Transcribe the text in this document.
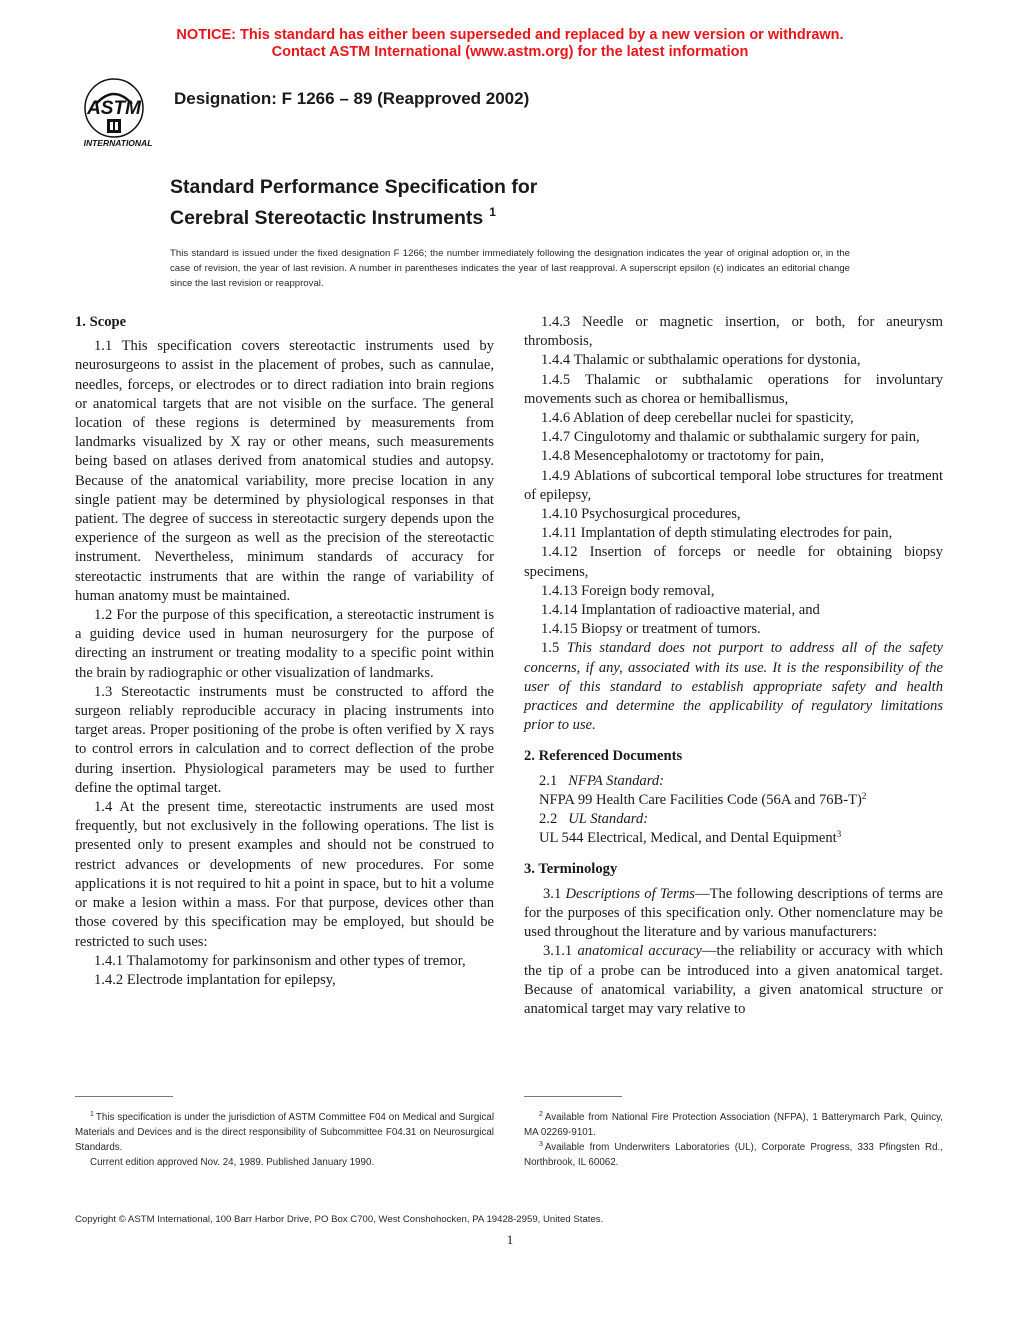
NOTICE: This standard has either been superseded and replaced by a new version or withdrawn.
Contact ASTM International (www.astm.org) for the latest information
ASTM
INTERNATIONAL
Designation: F 1266 – 89 (Reapproved 2002)
Standard Performance Specification for
Cerebral Stereotactic Instruments $^1$
This standard is issued under the fixed designation F 1266; the number immediately following the designation indicates the year of original adoption or, in the case of revision, the year of last revision. A number in parentheses indicates the year of last reapproval. A superscript epsilon (ϵ) indicates an editorial change since the last revision or reapproval.
1. Scope

1.1 This specification covers stereotactic instruments used by neurosurgeons to assist in the placement of probes, such as cannulae, needles, forceps, or electrodes or to direct radiation into brain regions or anatomical targets that are not visible on the surface. The general location of these regions is determined by measurements from landmarks visualized by X ray or other means, such measurements being based on atlases derived from anatomical studies and autopsy. Because of the anatomical variability, more precise location in any single patient may be determined by physiological responses in that patient. The degree of success in stereotactic surgery depends upon the experience of the surgeon as well as the precision of the stereotactic instrument. Nevertheless, minimum standards of accuracy for stereotactic instruments that are within the range of variability of human anatomy must be maintained.

1.2 For the purpose of this specification, a stereotactic instrument is a guiding device used in human neurosurgery for the purpose of directing an instrument or treating modality to a specific point within the brain by radiographic or other visualization of landmarks.

1.3 Stereotactic instruments must be constructed to afford the surgeon reliably reproducible accuracy in placing instruments into target areas. Proper positioning of the probe is often verified by X rays to control errors in calculation and to correct deflection of the probe during insertion. Physiological parameters may be used to further define the optimal target.

1.4 At the present time, stereotactic instruments are used most frequently, but not exclusively in the following operations. The list is presented only to present examples and should not be construed to restrict advances or developments of new procedures. For some applications it is not required to hit a point in space, but to hit a volume or make a lesion within a mass. For that purpose, devices other than those covered by this specification may be employed, but should be restricted to such uses:

1.4.1 Thalamotomy for parkinsonism and other types of tremor,

1.4.2 Electrode implantation for epilepsy,

1.4.3 Needle or magnetic insertion, or both, for aneurysm thrombosis,

1.4.4 Thalamic or subthalamic operations for dystonia,

1.4.5 Thalamic or subthalamic operations for involuntary movements such as chorea or hemiballismus,

1.4.6 Ablation of deep cerebellar nuclei for spasticity,

1.4.7 Cingulotomy and thalamic or subthalamic surgery for pain,

1.4.8 Mesencephalotomy or tractotomy for pain,

1.4.9 Ablations of subcortical temporal lobe structures for treatment of epilepsy,

1.4.10 Psychosurgical procedures,

1.4.11 Implantation of depth stimulating electrodes for pain,

1.4.12 Insertion of forceps or needle for obtaining biopsy specimens,

1.4.13 Foreign body removal,

1.4.14 Implantation of radioactive material, and

1.4.15 Biopsy or treatment of tumors.

1.5 This standard does not purport to address all of the safety concerns, if any, associated with its use. It is the responsibility of the user of this standard to establish appropriate safety and health practices and determine the applicability of regulatory limitations prior to use.

2. Referenced Documents
2.1 NFPA Standard:
NFPA 99 Health Care Facilities Code (56A and 76B-T)$^2$
2.2 UL Standard:
UL 544 Electrical, Medical, and Dental Equipment$^3$
3. Terminology

3.1 Descriptions of Terms—The following descriptions of terms are for the purposes of this specification only. Other nomenclature may be used throughout the literature and by various manufacturers:

3.1.1 anatomical accuracy—the reliability or accuracy with which the tip of a probe can be introduced into a given anatomical target. Because of anatomical variability, a given anatomical structure or anatomical target may vary relative to

$^1$ This specification is under the jurisdiction of ASTM Committee F04 on Medical and Surgical Materials and Devices and is the direct responsibility of Subcommittee F04.31 on Neurosurgical Standards.

Current edition approved Nov. 24, 1989. Published January 1990.

$^2$ Available from National Fire Protection Association (NFPA), 1 Batterymarch Park, Quincy, MA 02269-9101.

$^3$ Available from Underwriters Laboratories (UL), Corporate Progress, 333 Pfingsten Rd., Northbrook, IL 60062.

Copyright © ASTM International, 100 Barr Harbor Drive, PO Box C700, West Conshohocken, PA 19428-2959, United States.
1
